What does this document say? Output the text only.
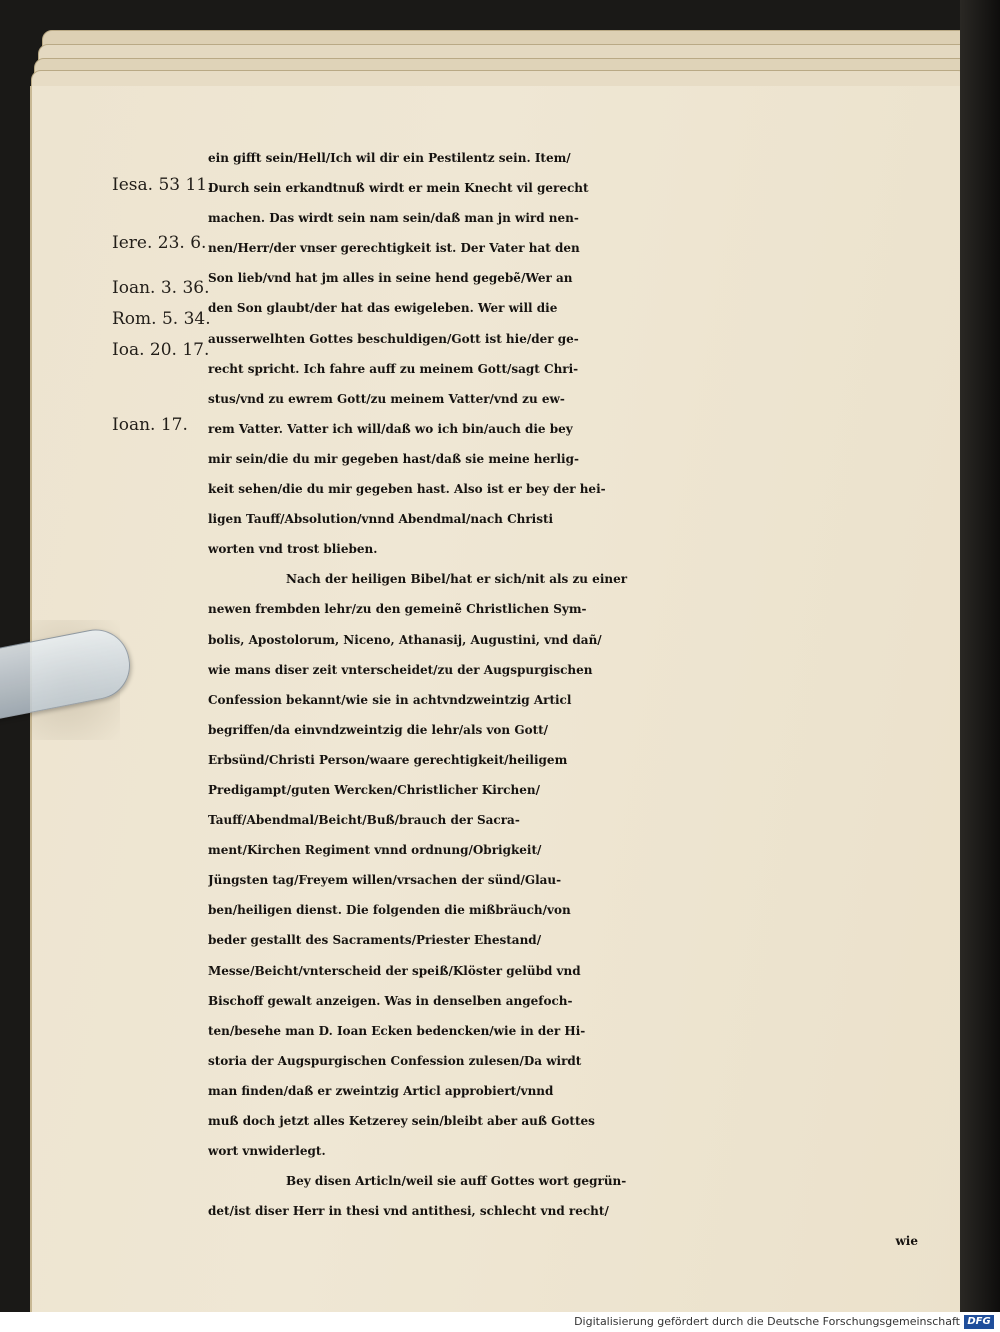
Iesa. 53 11.
Iere. 23. 6.
Ioan. 3. 36.
Rom. 5. 34.
Ioa. 20. 17.
Ioan. 17.
ein gifft sein/Hell/Ich wil dir ein Pestilentz sein. Item/
Durch sein erkandtnuß wirdt er mein Knecht vil gerecht
machen. Das wirdt sein nam sein/daß man jn wird nen-
nen/Herr/der vnser gerechtigkeit ist. Der Vater hat den
Son lieb/vnd hat jm alles in seine hend gegebẽ/Wer an
den Son glaubt/der hat das ewigeleben. Wer will die
ausserwelhten Gottes beschuldigen/Gott ist hie/der ge-
recht spricht. Ich fahre auff zu meinem Gott/sagt Chri-
stus/vnd zu ewrem Gott/zu meinem Vatter/vnd zu ew-
rem Vatter. Vatter ich will/daß wo ich bin/auch die bey
mir sein/die du mir gegeben hast/daß sie meine herlig-
keit sehen/die du mir gegeben hast. Also ist er bey der hei-
ligen Tauff/Absolution/vnnd Abendmal/nach Christi
worten vnd trost blieben.
Nach der heiligen Bibel/hat er sich/nit als zu einer
newen frembden lehr/zu den gemeinẽ Christlichen Sym-
bolis, Apostolorum, Niceno, Athanasij, Augustini, vnd dañ/
wie mans diser zeit vnterscheidet/zu der Augspurgischen
Confession bekannt/wie sie in achtvndzweintzig Articl
begriffen/da einvndzweintzig die lehr/als von Gott/
Erbsünd/Christi Person/waare gerechtigkeit/heiligem
Predigampt/guten Wercken/Christlicher Kirchen/
Tauff/Abendmal/Beicht/Buß/brauch der Sacra-
ment/Kirchen Regiment vnnd ordnung/Obrigkeit/
Jüngsten tag/Freyem willen/vrsachen der sünd/Glau-
ben/heiligen dienst. Die folgenden die mißbräuch/von
beder gestallt des Sacraments/Priester Ehestand/
Messe/Beicht/vnterscheid der speiß/Klöster gelübd vnd
Bischoff gewalt anzeigen. Was in denselben angefoch-
ten/besehe man D. Ioan Ecken bedencken/wie in der Hi-
storia der Augspurgischen Confession zulesen/Da wirdt
man finden/daß er zweintzig Articl approbiert/vnnd
muß doch jetzt alles Ketzerey sein/bleibt aber auß Gottes
wort vnwiderlegt.
Bey disen Articln/weil sie auff Gottes wort gegrün-
det/ist diser Herr in thesi vnd antithesi, schlecht vnd recht/
wie
Digitalisierung gefördert durch die Deutsche Forschungsgemeinschaft DFG
